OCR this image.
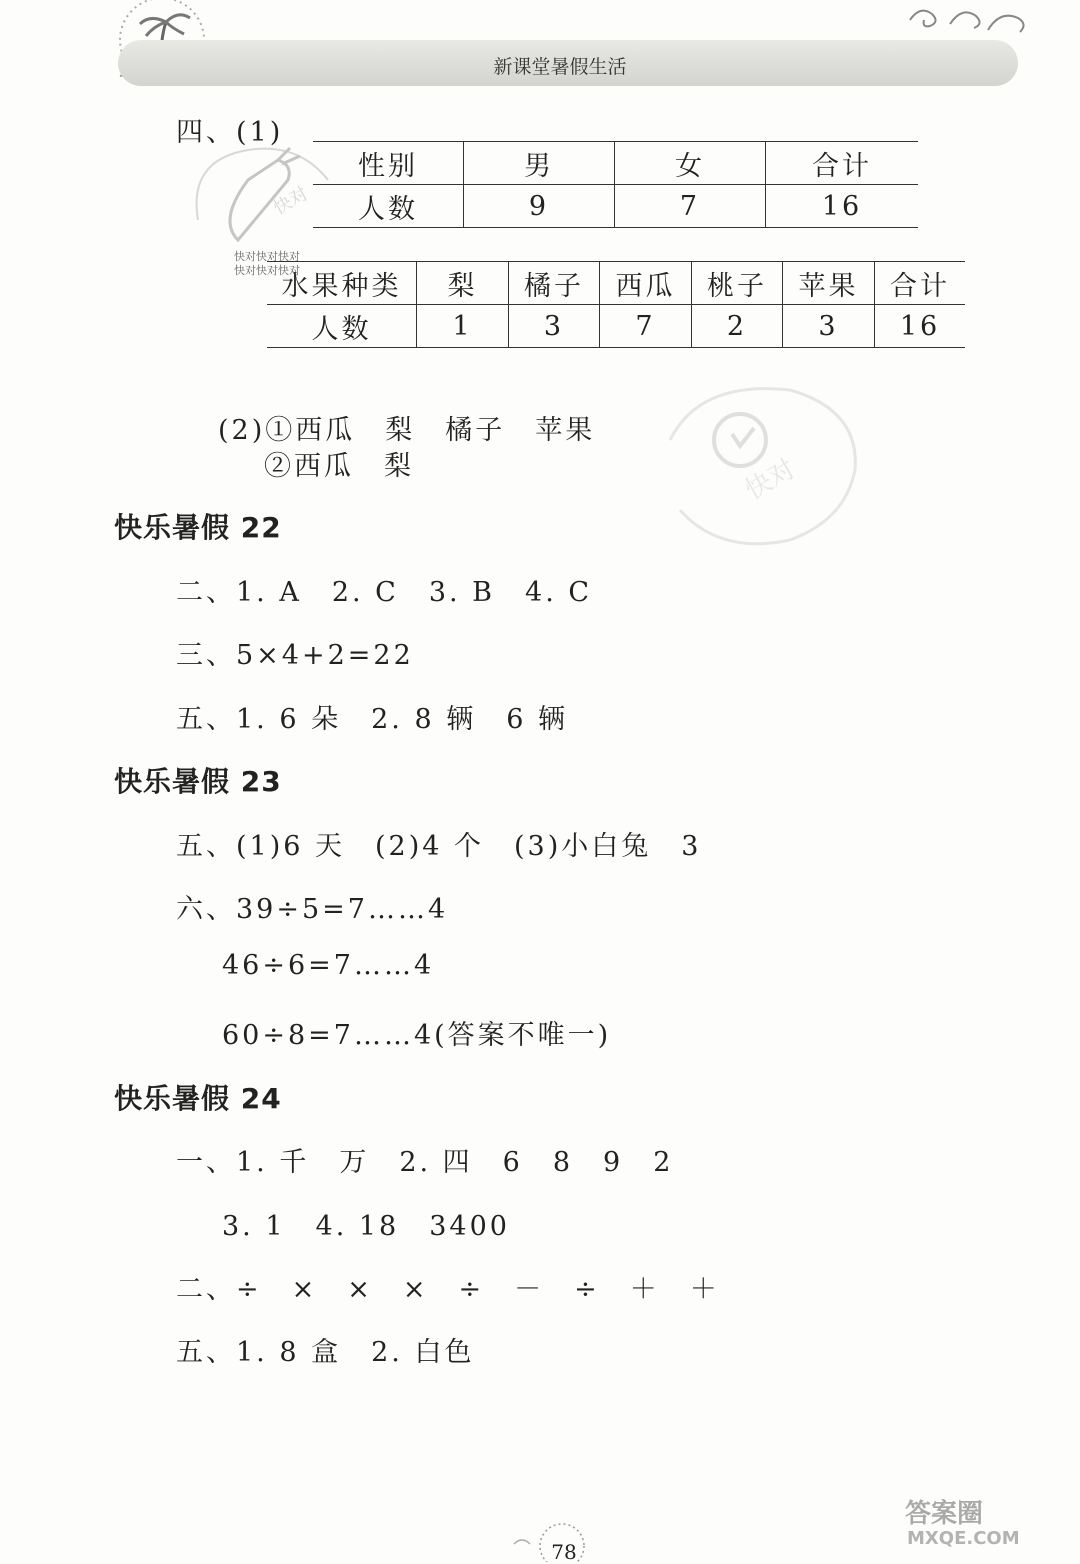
新课堂暑假生活
快对
快对快对快对
快对快对快对
快对
四、(1)
性别	男	女	合计
人数	9	7	16
水果种类	梨	橘子	西瓜	桃子	苹果	合计
人数	1	3	7	2	3	16
(2)①西瓜　梨　橘子　苹果
②西瓜　梨
快乐暑假 22
二、1. A　2. C　3. B　4. C
三、5×4+2=22
五、1. 6 朵　2. 8 辆　6 辆
快乐暑假 23
五、(1)6 天　(2)4 个　(3)小白兔　3
六、39÷5=7……4
46÷6=7……4
60÷8=7……4(答案不唯一)
快乐暑假 24
一、1. 千　万　2. 四　6　8　9　2
3. 1　4. 18　3400
二、÷　×　×　×　÷　－　÷　＋　＋
五、1. 8 盒　2. 白色
78
答案圈
MXQE.COM
